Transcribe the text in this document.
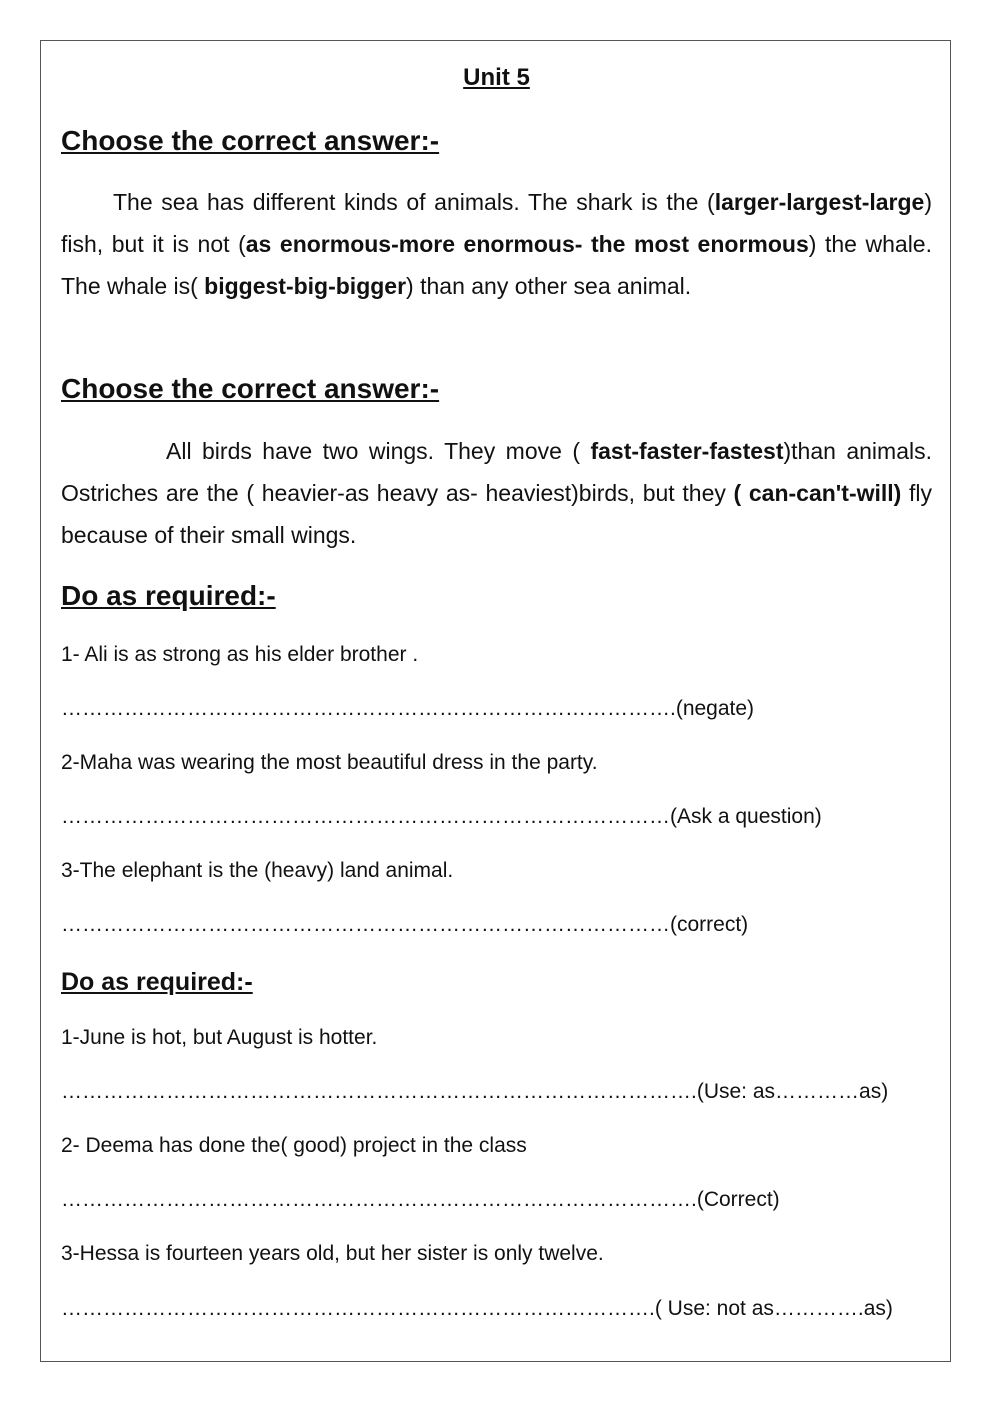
Unit 5
Choose the correct answer:-
The sea has different kinds of animals. The shark is the (larger-largest-large) fish, but it is not (as enormous-more enormous- the most enormous) the whale. The whale is( biggest-big-bigger) than any other sea animal.
Choose the correct answer:-
All birds have two wings. They move ( fast-faster-fastest)than animals. Ostriches are the ( heavier-as heavy as- heaviest)birds, but they ( can-can't-will) fly because of their small wings.
Do as required:-
1- Ali is as strong as his elder brother .
…………………………………………………………………………….(negate)
2-Maha was wearing the most beautiful dress in the party.
……………………………………………………………………………(Ask a question)
3-The elephant is the (heavy) land animal.
……………………………………………………………………………(correct)
Do as required:-
1-June is hot, but August is hotter.
……………………………………………………………………………….(Use: as…………as)
2- Deema has done the( good) project in the class
……………………………………………………………………………….(Correct)
3-Hessa is fourteen years old, but her sister is only twelve.
………………………………………………………………………….( Use: not as………….as)
